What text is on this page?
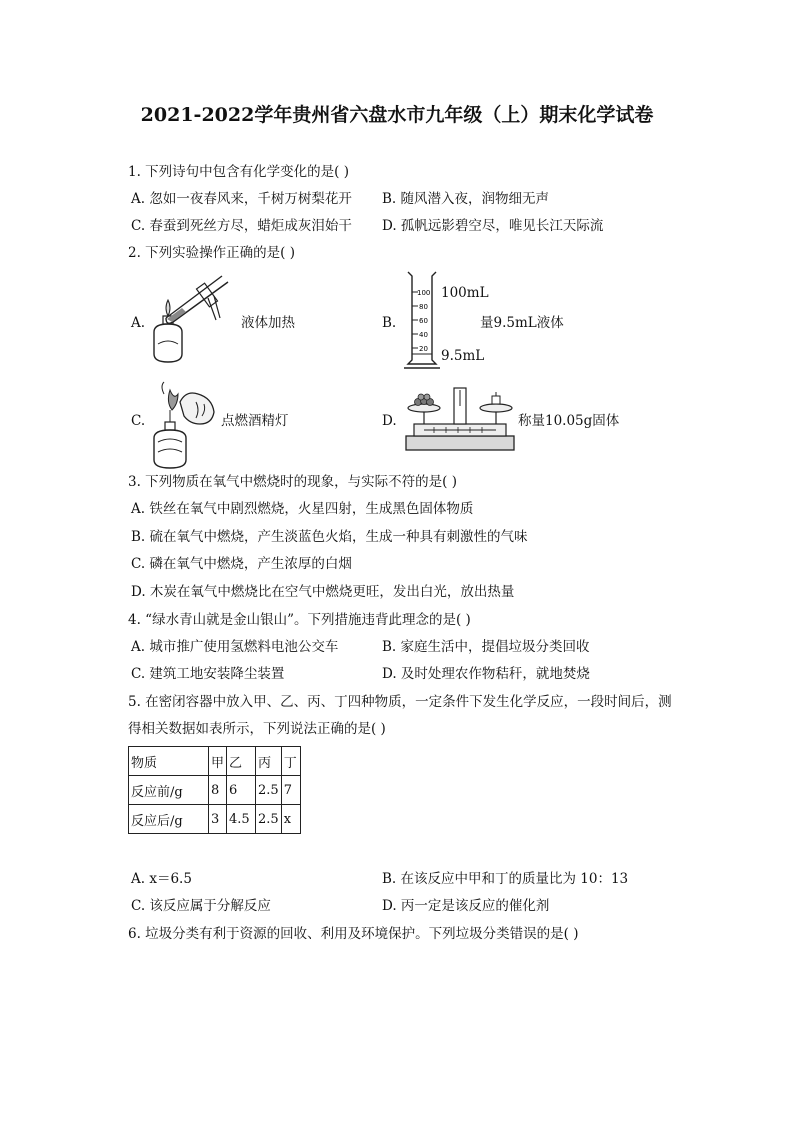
2021-2022学年贵州省六盘水市九年级（上）期末化学试卷
1. 下列诗句中包含有化学变化的是( )
A. 忽如一夜春风来，千树万树梨花开 B. 随风潜入夜，润物细无声
C. 春蚕到死丝方尽，蜡炬成灰泪始干 D. 孤帆远影碧空尽，唯见长江天际流
2. 下列实验操作正确的是( )
A.	液体加热	B.
100
80
60
40
20
100mL
量9.5mL液体
9.5mL
C.	点燃酒精灯	D.	称量10.05g固体
3. 下列物质在氧气中燃烧时的现象，与实际不符的是( )
A. 铁丝在氧气中剧烈燃烧，火星四射，生成黑色固体物质
B. 硫在氧气中燃烧，产生淡蓝色火焰，生成一种具有刺激性的气味
C. 磷在氧气中燃烧，产生浓厚的白烟
D. 木炭在氧气中燃烧比在空气中燃烧更旺，发出白光，放出热量
4. “绿水青山就是金山银山”。下列措施违背此理念的是( )
A. 城市推广使用氢燃料电池公交车	B. 家庭生活中，提倡垃圾分类回收
C. 建筑工地安装降尘装置	D. 及时处理农作物秸秆，就地焚烧
5. 在密闭容器中放入甲、乙、丙、丁四种物质，一定条件下发生化学反应，一段时间后，测
得相关数据如表所示，下列说法正确的是( )
物质	甲	乙	丙	丁
反应前/g	8	6	2.5	7
反应后/g	3	4.5	2.5	x
A. x＝6.5	B. 在该反应中甲和丁的质量比为 10：13
C. 该反应属于分解反应	D. 丙一定是该反应的催化剂
6. 垃圾分类有利于资源的回收、利用及环境保护。下列垃圾分类错误的是( )
